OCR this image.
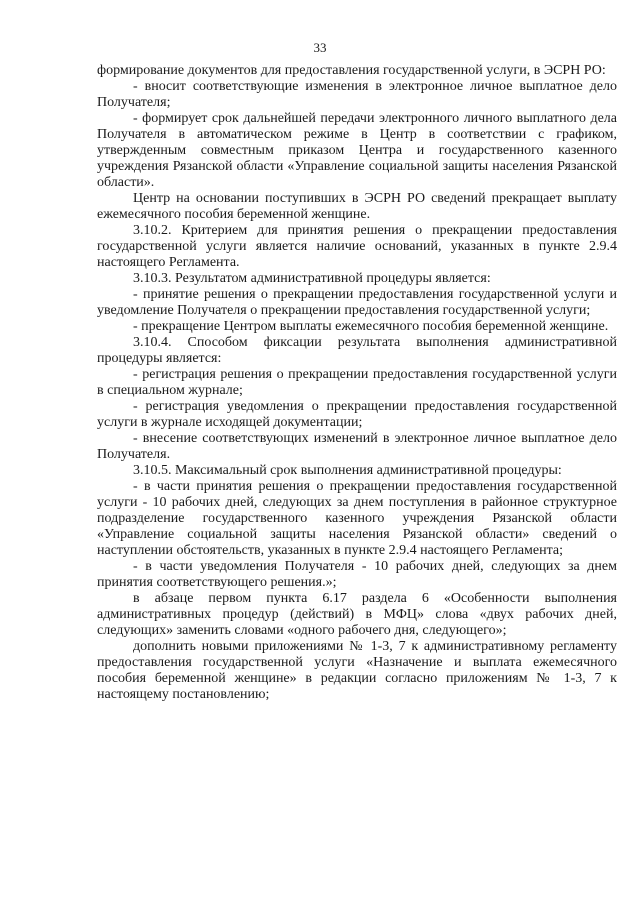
33

формирование документов для предоставления государственной услуги, в ЭСРН РО:

- вносит соответствующие изменения в электронное личное выплатное дело Получателя;

- формирует срок дальнейшей передачи электронного личного выплатного дела Получателя в автоматическом режиме в Центр в соответствии с графиком, утвержденным совместным приказом Центра и государственного казенного учреждения Рязанской области «Управление социальной защиты населения Рязанской области».

Центр на основании поступивших в ЭСРН РО сведений прекращает выплату ежемесячного пособия беременной женщине.

3.10.2. Критерием для принятия решения о прекращении предоставления государственной услуги является наличие оснований, указанных в пункте 2.9.4 настоящего Регламента.

3.10.3. Результатом административной процедуры является:

- принятие решения о прекращении предоставления государственной услуги и уведомление Получателя о прекращении предоставления государственной услуги;

- прекращение Центром выплаты ежемесячного пособия беременной женщине.

3.10.4. Способом фиксации результата выполнения административной процедуры является:

- регистрация решения о прекращении предоставления государственной услуги в специальном журнале;

- регистрация уведомления о прекращении предоставления государственной услуги в журнале исходящей документации;

- внесение соответствующих изменений в электронное личное выплатное дело Получателя.

3.10.5. Максимальный срок выполнения административной процедуры:

- в части принятия решения о прекращении предоставления государственной услуги - 10 рабочих дней, следующих за днем поступления в районное структурное подразделение государственного казенного учреждения Рязанской области «Управление социальной защиты населения Рязанской области» сведений о наступлении обстоятельств, указанных в пункте 2.9.4 настоящего Регламента;

- в части уведомления Получателя - 10 рабочих дней, следующих за днем принятия соответствующего решения.»;

в абзаце первом пункта 6.17 раздела 6 «Особенности выполнения административных процедур (действий) в МФЦ» слова «двух рабочих дней, следующих» заменить словами «одного рабочего дня, следующего»;

дополнить новыми приложениями № 1-3, 7 к административному регламенту предоставления государственной услуги «Назначение и выплата ежемесячного пособия беременной женщине» в редакции согласно приложениям № 1-3, 7 к настоящему постановлению;
